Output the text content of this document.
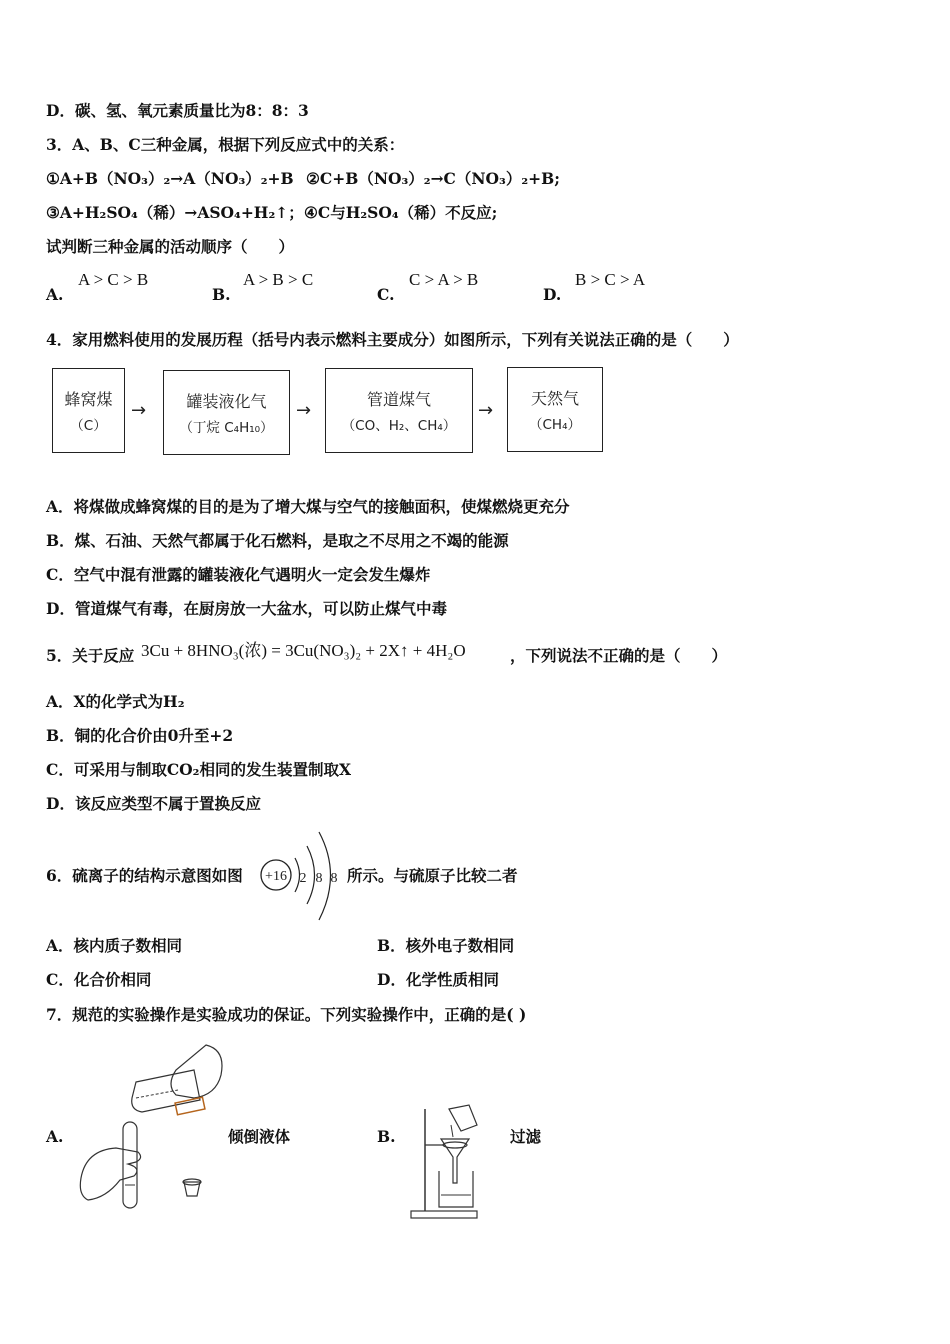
D．碳、氢、氧元素质量比为8：8：3
3．A、B、C三种金属，根据下列反应式中的关系：
①A+B（NO₃）₂→A（NO₃）₂+B ②C+B（NO₃）₂→C（NO₃）₂+B;
③A+H₂SO₄（稀）→ASO₄+H₂↑； ④C与H₂SO₄（稀）不反应;
试判断三种金属的活动顺序（　　）
A.
A > C > B
B.
A > B > C
C.
C > A > B
D.
B > C > A
4．家用燃料使用的发展历程（括号内表示燃料主要成分）如图所示，下列有关说法正确的是（　　）
蜂窝煤
（C）
→	罐装液化气
（丁烷 C₄H₁₀）
→
管道煤气
（CO、H₂、CH₄）
→
天然气
（CH₄）
A．将煤做成蜂窝煤的目的是为了增大煤与空气的接触面积，使煤燃烧更充分
B．煤、石油、天然气都属于化石燃料，是取之不尽用之不竭的能源
C．空气中混有泄露的罐装液化气遇明火一定会发生爆炸
D．管道煤气有毒，在厨房放一大盆水，可以防止煤气中毒
5．关于反应 3Cu + 8HNO₃(浓) = 3Cu(NO₃)₂ + 2X↑ + 4H₂O	，下列说法不正确的是（　　）
A．X的化学式为H₂
B．铜的化合价由0升至+2
C．可采用与制取CO₂相同的发生装置制取X
D．该反应类型不属于置换反应
6．硫离子的结构示意图如图 +16 2 8 8 所示。与硫原子比较二者
A．核内质子数相同	B．核外电子数相同
C．化合价相同	D．化学性质相同
7．规范的实验操作是实验成功的保证。下列实验操作中，正确的是( )
A.	倾倒液体	B.	过滤
